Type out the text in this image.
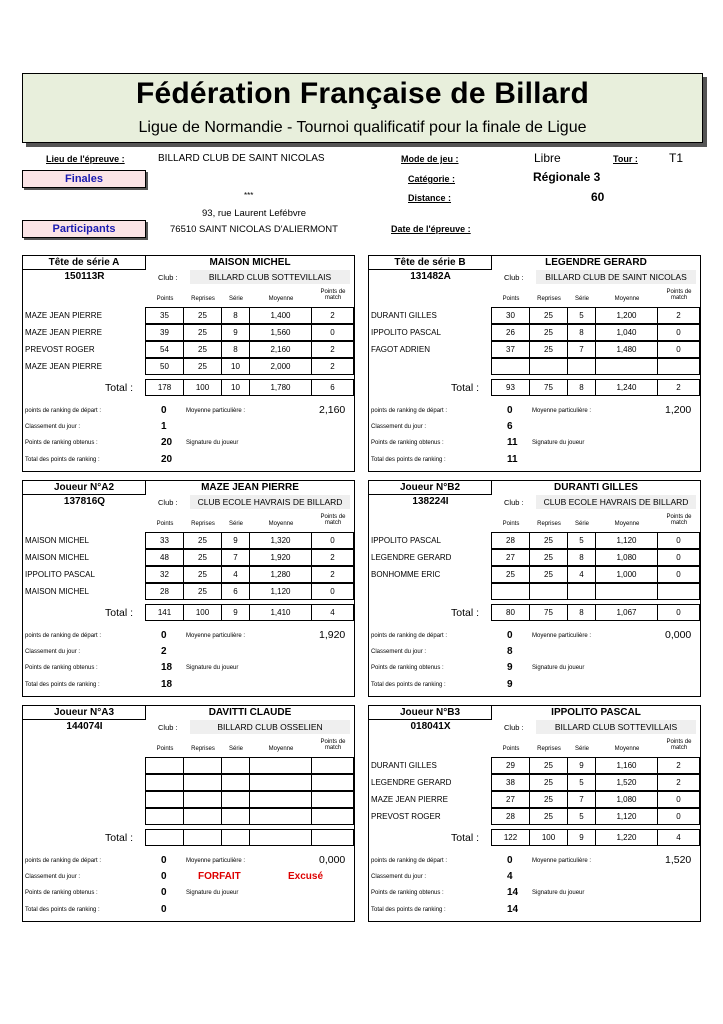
Fédération Française de Billard
Ligue de Normandie - Tournoi qualificatif pour la finale de Ligue
Lieu de l'épreuve :	BILLARD CLUB DE SAINT NICOLAS
Finales
***
93, rue Laurent Lefébvre
Participants	76510 SAINT NICOLAS D'ALIERMONT
Mode de jeu :	Libre	Tour :	T1
Catégorie :	Régionale 3
Distance :	60
Date de l'épreuve :
Tête de série A	MAISON MICHEL
150113R	Club :	BILLARD CLUB SOTTEVILLAIS
Points	Reprises	Série	Moyenne
Points de match
MAZE JEAN PIERRE	35	25	8	1,400	2
MAZE JEAN PIERRE	39	25	9	1,560	0
PREVOST ROGER	54	25	8	2,160	2
MAZE JEAN PIERRE	50	25	10	2,000	2
Total :	178	100	10	1,780	6
points de ranking de départ :	0	Moyenne particulière :	2,160
Classement du jour :	1
Points de ranking obtenus :	20 Signature du joueur
Total des points de ranking :	20
Tête de série B	LEGENDRE GERARD
131482A	Club :	BILLARD CLUB DE SAINT NICOLAS
Points	Reprises	Série	Moyenne
Points de match
DURANTI GILLES	30	25	5	1,200	2
IPPOLITO PASCAL	26	25	8	1,040	0
FAGOT ADRIEN	37	25	7	1,480	0
Total :	93	75	8	1,240	2
points de ranking de départ :	0	Moyenne particulière :	1,200
Classement du jour :	6
Points de ranking obtenus :	11 Signature du joueur
Total des points de ranking :	11
Joueur N°A2	MAZE JEAN PIERRE
137816Q	Club :	CLUB ECOLE HAVRAIS DE BILLARD
Points	Reprises	Série	Moyenne
Points de match
MAISON MICHEL	33	25	9	1,320	0
MAISON MICHEL	48	25	7	1,920	2
IPPOLITO PASCAL	32	25	4	1,280	2
MAISON MICHEL	28	25	6	1,120	0
Total :	141	100	9	1,410	4
points de ranking de départ :	0	Moyenne particulière :	1,920
Classement du jour :	2
Points de ranking obtenus :	18 Signature du joueur
Total des points de ranking :	18
Joueur N°B2	DURANTI GILLES
138224I	Club :	CLUB ECOLE HAVRAIS DE BILLARD
Points	Reprises	Série	Moyenne
Points de match
IPPOLITO PASCAL	28	25	5	1,120	0
LEGENDRE GERARD	27	25	8	1,080	0
BONHOMME ERIC	25	25	4	1,000	0
Total :	80	75	8	1,067	0
points de ranking de départ :	0	Moyenne particulière :	0,000
Classement du jour :	8
Points de ranking obtenus :	9	Signature du joueur
Total des points de ranking :	9
Joueur N°A3	DAVITTI CLAUDE
144074I	Club :	BILLARD CLUB OSSELIEN
Points	Reprises	Série	Moyenne
Points de match
Total :
points de ranking de départ :	0	Moyenne particulière :	0,000
Classement du jour :	0	FORFAIT	Excusé
Points de ranking obtenus :	0	Signature du joueur
Total des points de ranking :	0
Joueur N°B3	IPPOLITO PASCAL
018041X	Club :	BILLARD CLUB SOTTEVILLAIS
Points	Reprises	Série	Moyenne
Points de match
DURANTI GILLES	29	25	9	1,160	2
LEGENDRE GERARD	38	25	5	1,520	2
MAZE JEAN PIERRE	27	25	7	1,080	0
PREVOST ROGER	28	25	5	1,120	0
Total :	122	100	9	1,220	4
points de ranking de départ :	0	Moyenne particulière :	1,520
Classement du jour :	4
Points de ranking obtenus :	14 Signature du joueur
Total des points de ranking :	14
